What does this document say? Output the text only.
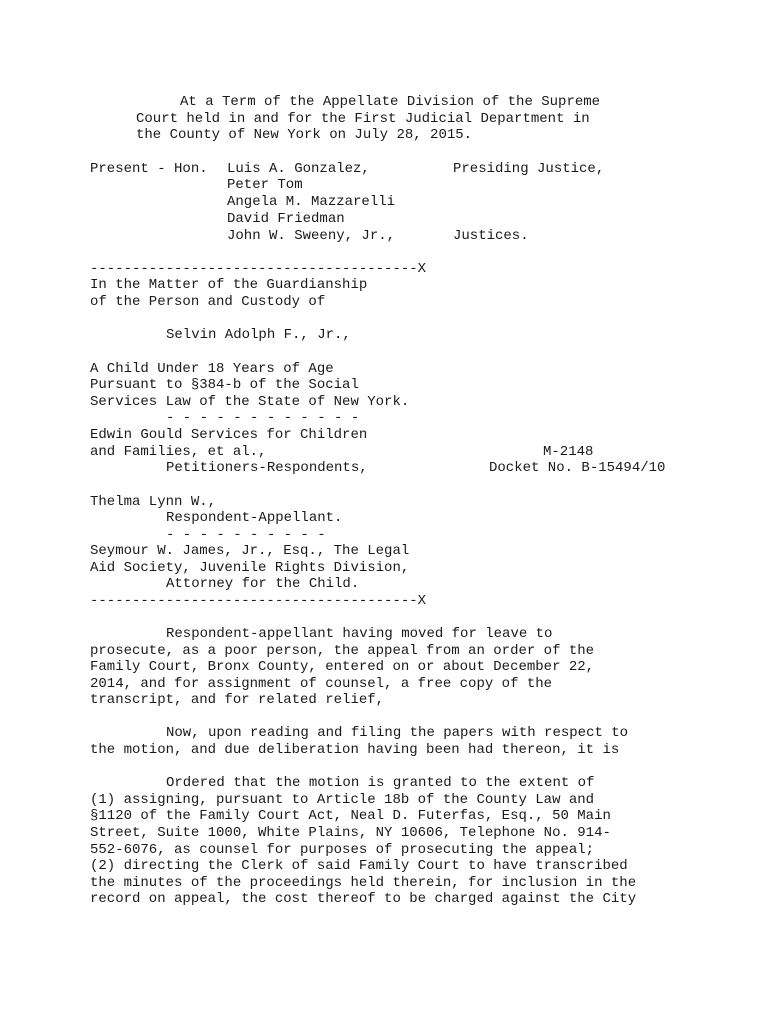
At a Term of the Appellate Division of the Supreme
Court held in and for the First Judicial Department in
the County of New York on July 28, 2015.
Present - Hon. Luis A. Gonzalez,	Presiding Justice,
Peter Tom
Angela M. Mazzarelli
David Friedman
John W. Sweeny, Jr.,	Justices.
---------------------------------------X
In the Matter of the Guardianship
of the Person and Custody of
Selvin Adolph F., Jr.,
A Child Under 18 Years of Age
Pursuant to §384-b of the Social
Services Law of the State of New York.
- - - - - - - - - - - -
Edwin Gould Services for Children
and Families, et al.,	M-2148
Petitioners-Respondents,	Docket No. B-15494/10
Thelma Lynn W.,
Respondent-Appellant.
- - - - - - - - - -
Seymour W. James, Jr., Esq., The Legal
Aid Society, Juvenile Rights Division,
Attorney for the Child.
---------------------------------------X
Respondent-appellant having moved for leave to
prosecute, as a poor person, the appeal from an order of the
Family Court, Bronx County, entered on or about December 22,
2014, and for assignment of counsel, a free copy of the
transcript, and for related relief,
Now, upon reading and filing the papers with respect to
the motion, and due deliberation having been had thereon, it is
Ordered that the motion is granted to the extent of
(1) assigning, pursuant to Article 18b of the County Law and
§1120 of the Family Court Act, Neal D. Futerfas, Esq., 50 Main
Street, Suite 1000, White Plains, NY 10606, Telephone No. 914-
552-6076, as counsel for purposes of prosecuting the appeal;
(2) directing the Clerk of said Family Court to have transcribed
the minutes of the proceedings held therein, for inclusion in the
record on appeal, the cost thereof to be charged against the City
